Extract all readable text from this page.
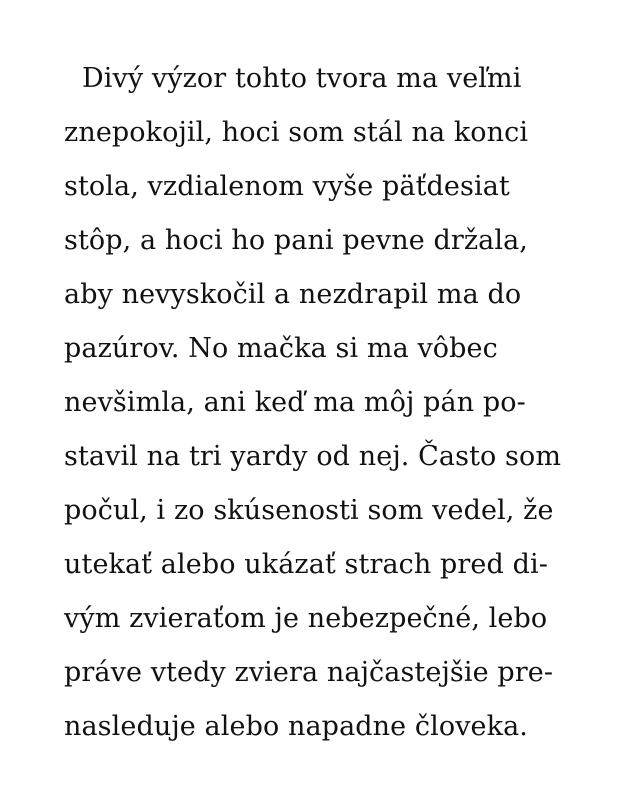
Divý výzor tohto tvora ma veľmi
znepokojil, hoci som stál na konci
stola, vzdialenom vyše päťdesiat
stôp, a hoci ho pani pevne držala,
aby nevyskočil a nezdrapil ma do
pazúrov. No mačka si ma vôbec
nevšimla, ani keď ma môj pán po-
stavil na tri yardy od nej. Často som
počul, i zo skúsenosti som vedel, že
utekať alebo ukázať strach pred di-
vým zvieraťom je nebezpečné, lebo
práve vtedy zviera najčastejšie pre-
nasleduje alebo napadne človeka.
